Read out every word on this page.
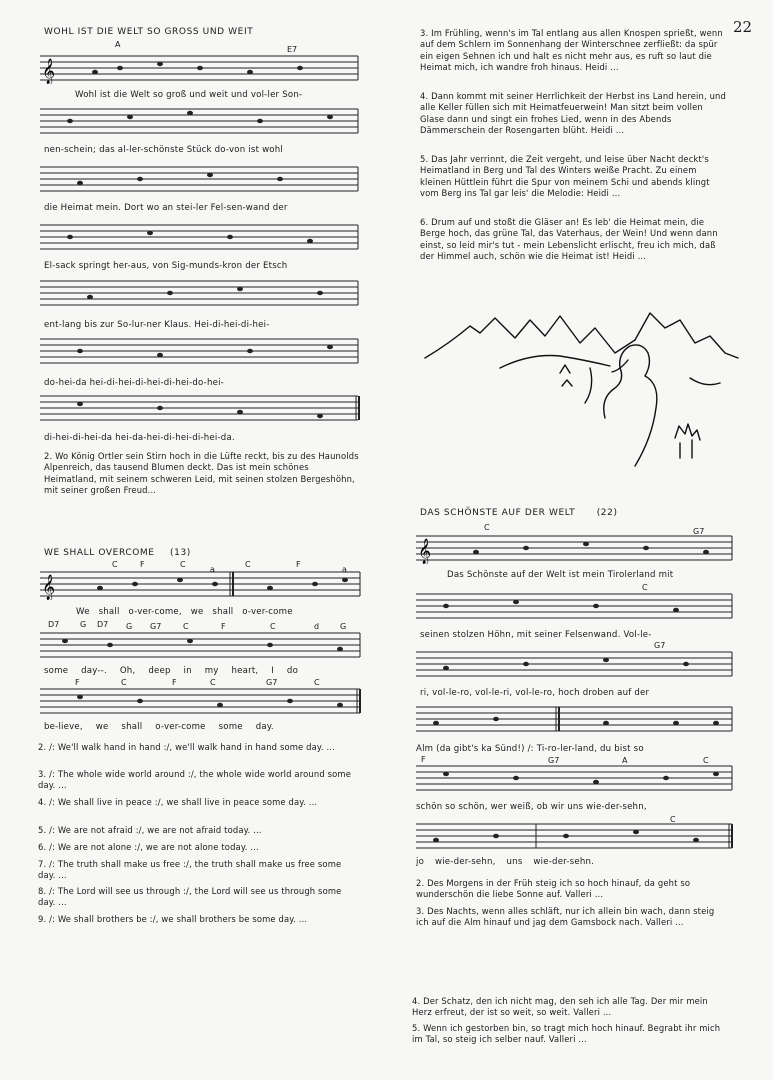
22
WOHL IST DIE WELT SO GROSS UND WEIT
A
E7
𝄞
Wohl ist die Welt so groß und weit und vol-ler Son-
nen-schein; das al-ler-schönste Stück do-von ist wohl
die Heimat mein. Dort wo an stei-ler Fel-sen-wand der
El-sack springt her-aus, von Sig-munds-kron der Etsch
ent-lang bis zur So-lur-ner Klaus. Hei-di-hei-di-hei-
do-hei-da hei-di-hei-di-hei-di-hei-do-hei-
di-hei-di-hei-da hei-da-hei-di-hei-di-hei-da.
2. Wo König Ortler sein Stirn hoch in die Lüfte reckt, bis zu des Haunolds Alpenreich, das tausend Blumen deckt. Das ist mein schönes Heimatland, mit seinem schweren Leid, mit seinen stolzen Bergeshöhn, mit seiner großen Freud...
3. Im Frühling, wenn's im Tal entlang aus allen Knospen sprießt, wenn auf dem Schlern im Sonnenhang der Winterschnee zerfließt: da spür ein eigen Sehnen ich und halt es nicht mehr aus, es ruft so laut die Heimat mich, ich wandre froh hinaus. Heidi ...
4. Dann kommt mit seiner Herrlichkeit der Herbst ins Land herein, und alle Keller füllen sich mit Heimatfeuerwein! Man sitzt beim vollen Glase dann und singt ein frohes Lied, wenn in des Abends Dämmerschein der Rosengarten blüht. Heidi ...
5. Das Jahr verrinnt, die Zeit vergeht, und leise über Nacht deckt's Heimatland in Berg und Tal des Winters weiße Pracht. Zu einem kleinen Hüttlein führt die Spur von meinem Schi und abends klingt vom Berg ins Tal gar leis' die Melodie: Heidi ...
6. Drum auf und stoßt die Gläser an! Es leb' die Heimat mein, die Berge hoch, das grüne Tal, das Vaterhaus, der Wein! Und wenn dann einst, so leid mir's tut - mein Lebenslicht erlischt, freu ich mich, daß der Himmel auch, schön wie die Heimat ist! Heidi ...
WE SHALL OVERCOME (13)
C	F	C
a
C	F
a
𝄞
We shall o-ver-come, we shall o-ver-come
D7	G D7 G G7	C	F	C	d	G
some day--. Oh, deep in my heart, I do
F	C	F	C	G7	C
be-lieve, we shall o-ver-come some day.
2. /: We'll walk hand in hand :/, we'll walk hand in hand some day. ...
3. /: The whole wide world around :/, the whole wide world around some day. ...
4. /: We shall live in peace :/, we shall live in peace some day. ...
5. /: We are not afraid :/, we are not afraid today. ...
6. /: We are not alone :/, we are not alone today. ...
7. /: The truth shall make us free :/, the truth shall make us free some day. ...
8. /: The Lord will see us through :/, the Lord will see us through some day. ...
9. /: We shall brothers be :/, we shall brothers be some day. ...
DAS SCHÖNSTE AUF DER WELT (22)
C	G7
𝄞
Das Schönste auf der Welt ist mein Tirolerland mit
C
seinen stolzen Höhn, mit seiner Felsenwand. Vol-le-
G7
ri, vol-le-ro, vol-le-ri, vol-le-ro, hoch droben auf der
Alm (da gibt's ka Sünd!) /: Ti-ro-ler-land, du bist so
F	G7	A	C
schön so schön, wer weiß, ob wir uns wie-der-sehn,
C
jo wie-der-sehn, uns wie-der-sehn.
2. Des Morgens in der Früh steig ich so hoch hinauf, da geht so wunderschön die liebe Sonne auf. Valleri ...
3. Des Nachts, wenn alles schläft, nur ich allein bin wach, dann steig ich auf die Alm hinauf und jag dem Gamsbock nach. Valleri ...
4. Der Schatz, den ich nicht mag, den seh ich alle Tag. Der mir mein Herz erfreut, der ist so weit, so weit. Valleri ...
5. Wenn ich gestorben bin, so tragt mich hoch hinauf. Begrabt ihr mich im Tal, so steig ich selber nauf. Valleri ...
